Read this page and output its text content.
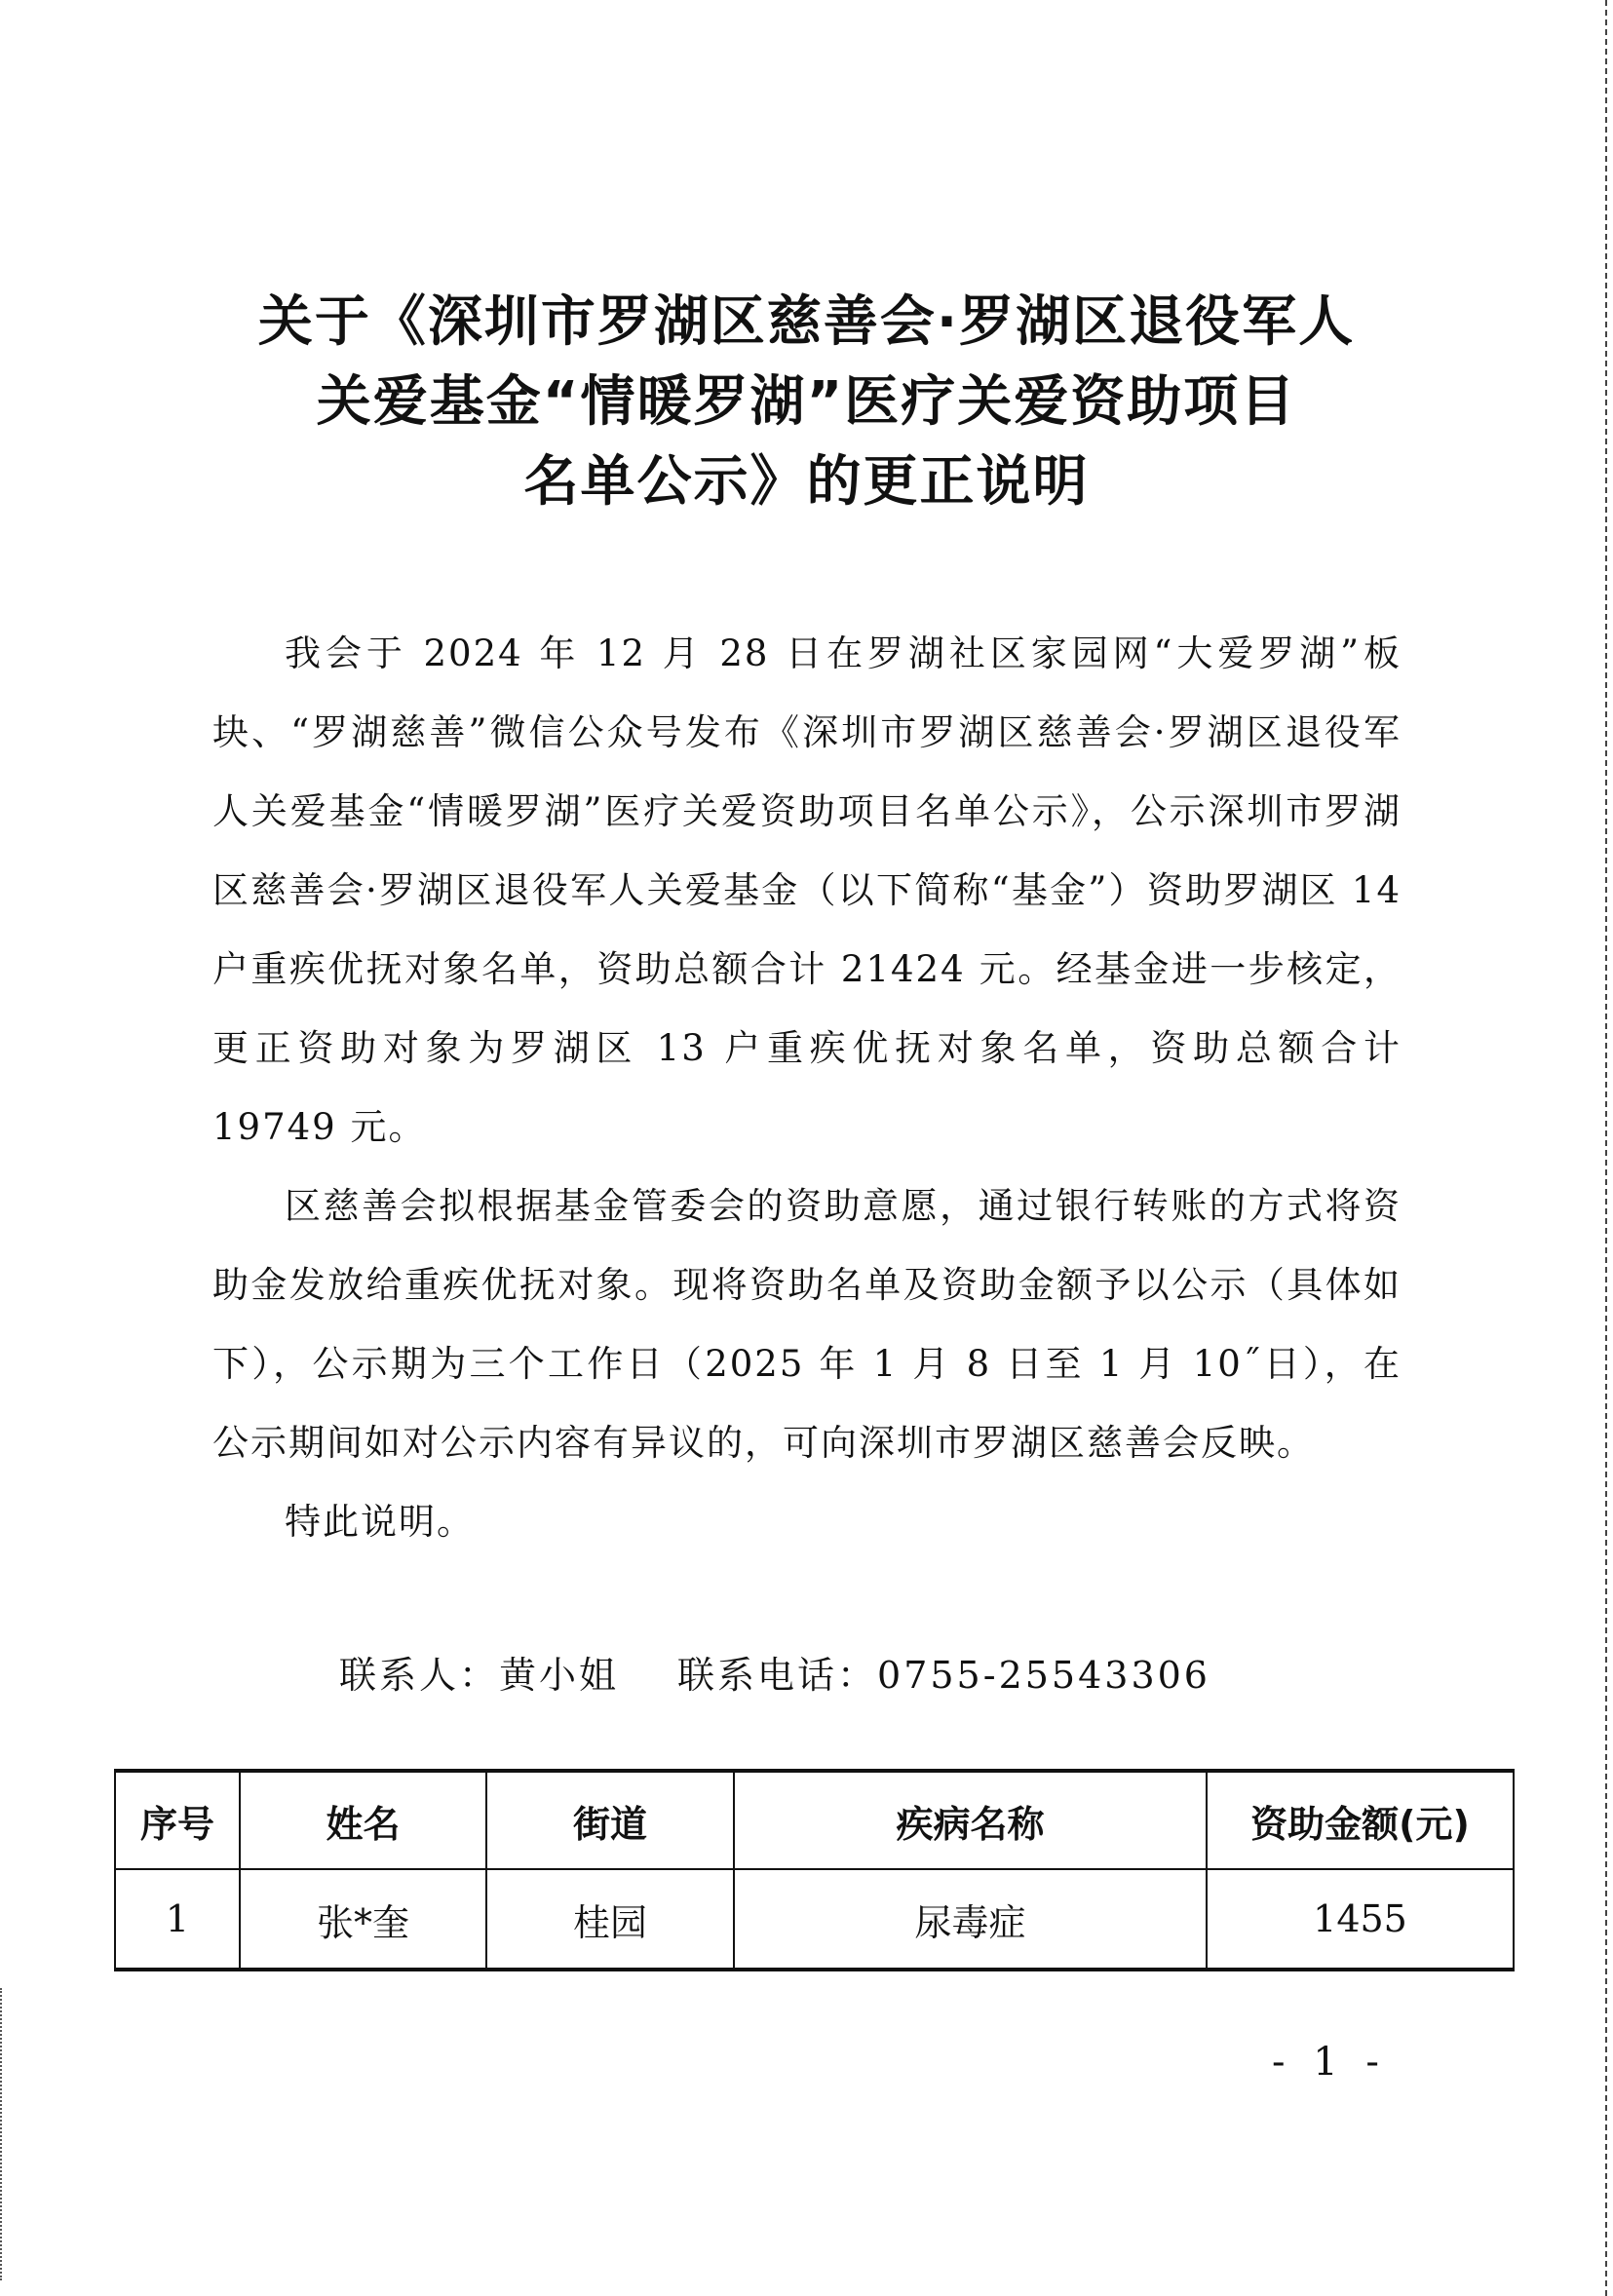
关于《深圳市罗湖区慈善会·罗湖区退役军人
关爱基金“情暖罗湖”医疗关爱资助项目
名单公示》的更正说明

我会于 2024 年 12 月 28 日在罗湖社区家园网“大爱罗湖”板块、“罗湖慈善”微信公众号发布《深圳市罗湖区慈善会·罗湖区退役军人关爱基金“情暖罗湖”医疗关爱资助项目名单公示》，公示深圳市罗湖区慈善会·罗湖区退役军人关爱基金（以下简称“基金”）资助罗湖区 14 户重疾优抚对象名单，资助总额合计 21424 元。经基金进一步核定，更正资助对象为罗湖区 13 户重疾优抚对象名单，资助总额合计 19749 元。

区慈善会拟根据基金管委会的资助意愿，通过银行转账的方式将资助金发放给重疾优抚对象。现将资助名单及资助金额予以公示（具体如下），公示期为三个工作日（2025 年 1 月 8 日至 1 月 10˝日），在公示期间如对公示内容有异议的，可向深圳市罗湖区慈善会反映。

特此说明。

联系人：黄小姐 联系电话：0755-25543306
序号	姓名	街道	疾病名称	资助金额(元)
1	张*奎	桂园	尿毒症	1455
- 1 -
